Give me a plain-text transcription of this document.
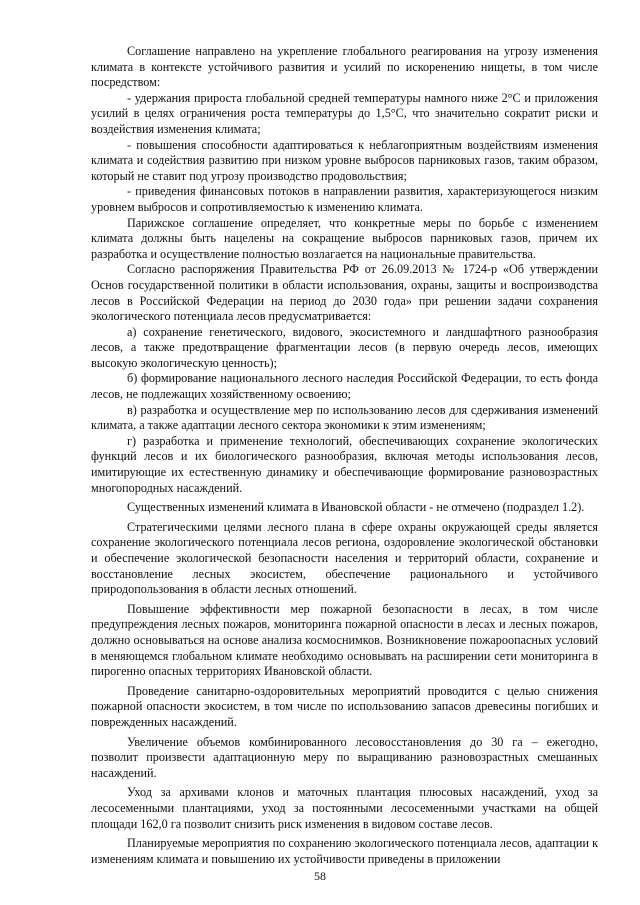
Соглашение направлено на укрепление глобального реагирования на угрозу изменения климата в контексте устойчивого развития и усилий по искоренению нищеты, в том числе посредством:

- удержания прироста глобальной средней температуры намного ниже 2°С и приложения усилий в целях ограничения роста температуры до 1,5°С, что значительно сократит риски и воздействия изменения климата;

- повышения способности адаптироваться к неблагоприятным воздействиям изменения климата и содействия развитию при низком уровне выбросов парниковых газов, таким образом, который не ставит под угрозу производство продовольствия;

- приведения финансовых потоков в направлении развития, характеризующегося низким уровнем выбросов и сопротивляемостью к изменению климата.

Парижское соглашение определяет, что конкретные меры по борьбе с изменением климата должны быть нацелены на сокращение выбросов парниковых газов, причем их разработка и осуществление полностью возлагается на национальные правительства.

Согласно распоряжения Правительства РФ от 26.09.2013 № 1724-р «Об утверждении Основ государственной политики в области использования, охраны, защиты и воспроизводства лесов в Российской Федерации на период до 2030 года» при решении задачи сохранения экологического потенциала лесов предусматривается:

а) сохранение генетического, видового, экосистемного и ландшафтного разнообразия лесов, а также предотвращение фрагментации лесов (в первую очередь лесов, имеющих высокую экологическую ценность);

б) формирование национального лесного наследия Российской Федерации, то есть фонда лесов, не подлежащих хозяйственному освоению;

в) разработка и осуществление мер по использованию лесов для сдерживания изменений климата, а также адаптации лесного сектора экономики к этим изменениям;

г) разработка и применение технологий, обеспечивающих сохранение экологических функций лесов и их биологического разнообразия, включая методы использования лесов, имитирующие их естественную динамику и обеспечивающие формирование разновозрастных многопородных насаждений.

Существенных изменений климата в Ивановской области - не отмечено (подраздел 1.2).

Стратегическими целями лесного плана в сфере охраны окружающей среды является сохранение экологического потенциала лесов региона, оздоровление экологической обстановки и обеспечение экологической безопасности населения и территорий области, сохранение и восстановление лесных экосистем, обеспечение рационального и устойчивого природопользования в области лесных отношений.

Повышение эффективности мер пожарной безопасности в лесах, в том числе предупреждения лесных пожаров, мониторинга пожарной опасности в лесах и лесных пожаров, должно основываться на основе анализа космоснимков. Возникновение пожароопасных условий в меняющемся глобальном климате необходимо основывать на расширении сети мониторинга в пирогенно опасных территориях Ивановской области.

Проведение санитарно-оздоровительных мероприятий проводится с целью снижения пожарной опасности экосистем, в том числе по использованию запасов древесины погибших и поврежденных насаждений.

Увеличение объемов комбинированного лесовосстановления до 30 га – ежегодно, позволит произвести адаптационную меру по выращиванию разновозрастных смешанных насаждений.

Уход за архивами клонов и маточных плантация плюсовых насаждений, уход за лесосеменными плантациями, уход за постоянными лесосеменными участками на общей площади 162,0 га позволит снизить риск изменения в видовом составе лесов.

Планируемые мероприятия по сохранению экологического потенциала лесов, адаптации к изменениям климата и повышению их устойчивости приведены в приложении

58
